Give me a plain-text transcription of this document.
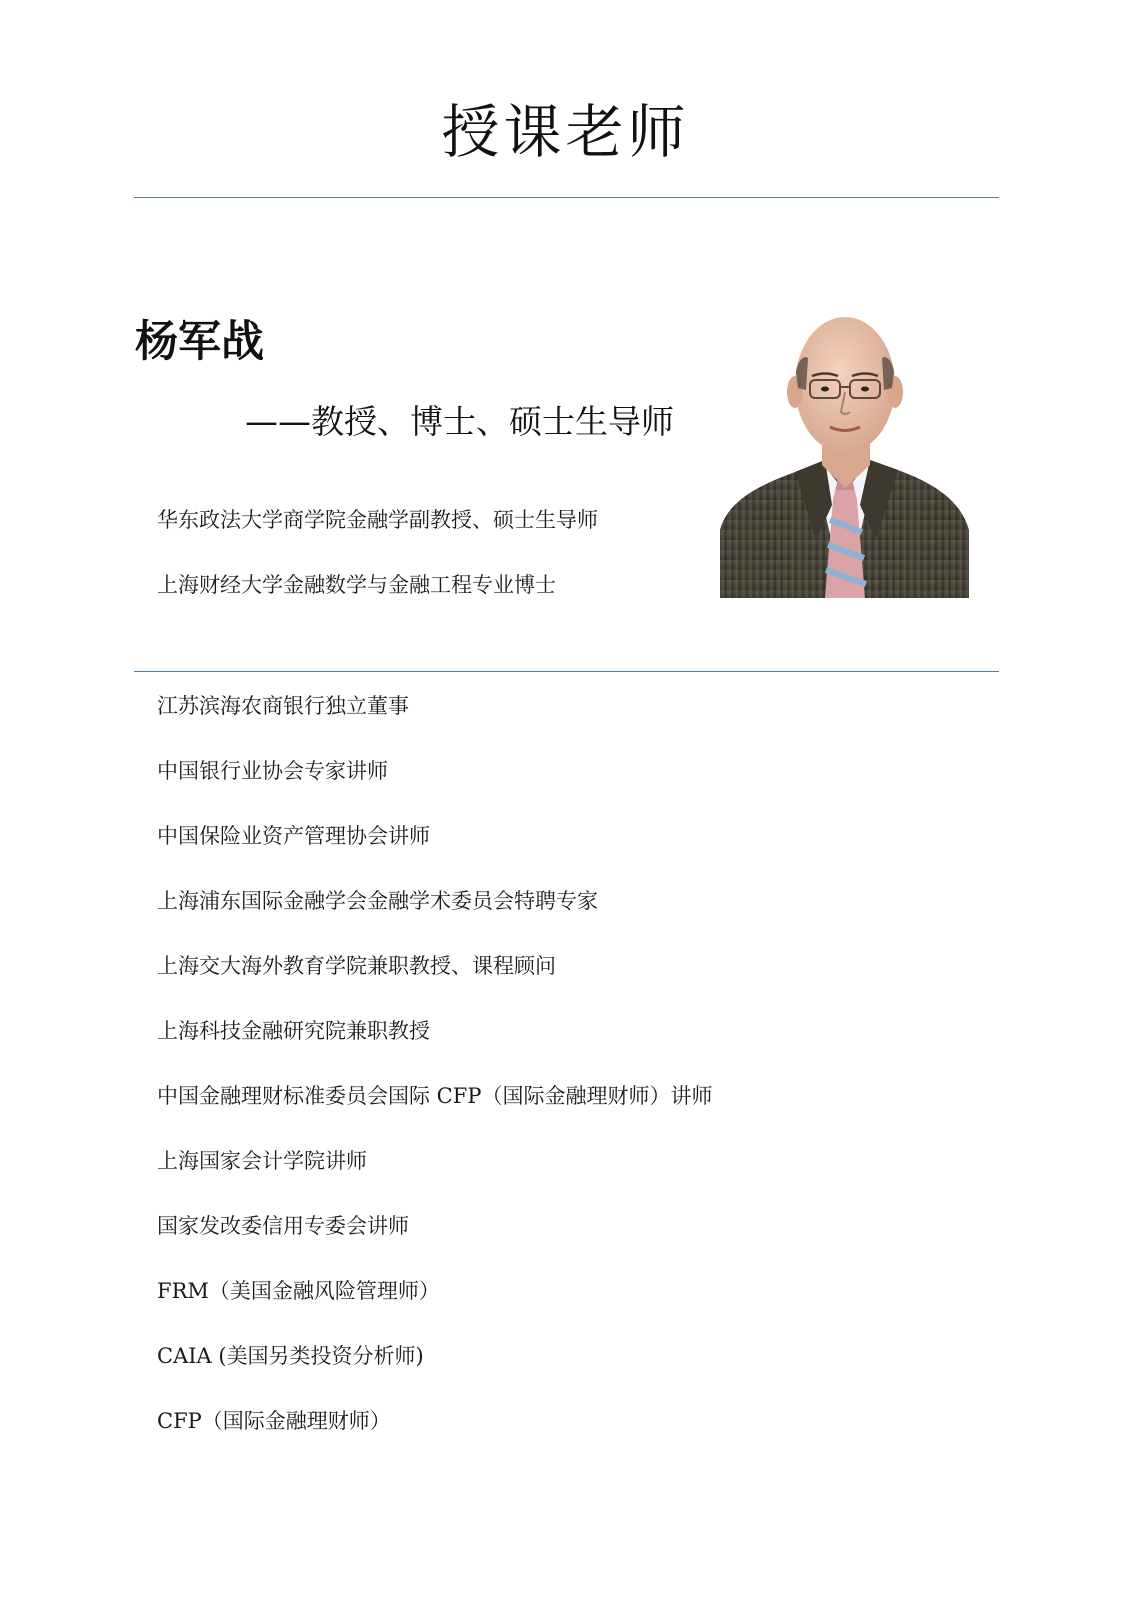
授课老师
杨军战
——教授、博士、硕士生导师
华东政法大学商学院金融学副教授、硕士生导师
上海财经大学金融数学与金融工程专业博士
江苏滨海农商银行独立董事
中国银行业协会专家讲师
中国保险业资产管理协会讲师
上海浦东国际金融学会金融学术委员会特聘专家
上海交大海外教育学院兼职教授、课程顾问
上海科技金融研究院兼职教授
中国金融理财标准委员会国际 CFP（国际金融理财师）讲师
上海国家会计学院讲师
国家发改委信用专委会讲师
FRM（美国金融风险管理师）
CAIA (美国另类投资分析师)
CFP（国际金融理财师）
